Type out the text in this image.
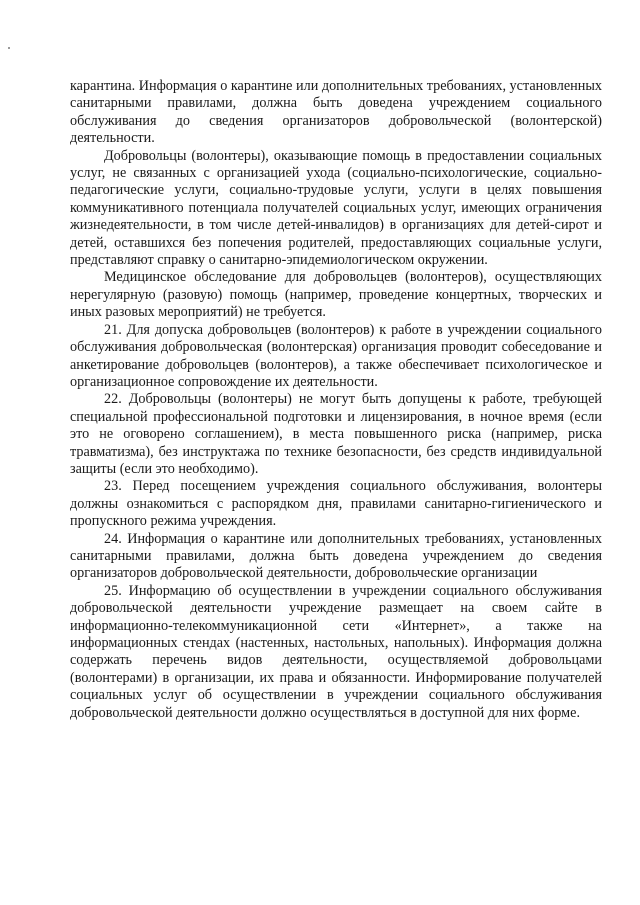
карантина. Информация о карантине или дополнительных требованиях, установленных санитарными правилами, должна быть доведена учреждением социального обслуживания до сведения организаторов добровольческой (волонтерской) деятельности.

Добровольцы (волонтеры), оказывающие помощь в предоставлении социальных услуг, не связанных с организацией ухода (социально-психологические, социально-педагогические услуги, социально-трудовые услуги, услуги в целях повышения коммуникативного потенциала получателей социальных услуг, имеющих ограничения жизнедеятельности, в том числе детей-инвалидов) в организациях для детей-сирот и детей, оставшихся без попечения родителей, предоставляющих социальные услуги, представляют справку о санитарно-эпидемиологическом окружении.

Медицинское обследование для добровольцев (волонтеров), осуществляющих нерегулярную (разовую) помощь (например, проведение концертных, творческих и иных разовых мероприятий) не требуется.

21. Для допуска добровольцев (волонтеров) к работе в учреждении социального обслуживания добровольческая (волонтерская) организация проводит собеседование и анкетирование добровольцев (волонтеров), а также обеспечивает психологическое и организационное сопровождение их деятельности.

22. Добровольцы (волонтеры) не могут быть допущены к работе, требующей специальной профессиональной подготовки и лицензирования, в ночное время (если это не оговорено соглашением), в места повышенного риска (например, риска травматизма), без инструктажа по технике безопасности, без средств индивидуальной защиты (если это необходимо).

23. Перед посещением учреждения социального обслуживания, волонтеры должны ознакомиться с распорядком дня, правилами санитарно-гигиенического и пропускного режима учреждения.

24. Информация о карантине или дополнительных требованиях, установленных санитарными правилами, должна быть доведена учреждением до сведения организаторов добровольческой деятельности, добровольческие организации

25. Информацию об осуществлении в учреждении социального обслуживания добровольческой деятельности учреждение размещает на своем сайте в информационно-телекоммуникационной сети «Интернет», а также на информационных стендах (настенных, настольных, напольных). Информация должна содержать перечень видов деятельности, осуществляемой добровольцами (волонтерами) в организации, их права и обязанности. Информирование получателей социальных услуг об осуществлении в учреждении социального обслуживания добровольческой деятельности должно осуществляться в доступной для них форме.
